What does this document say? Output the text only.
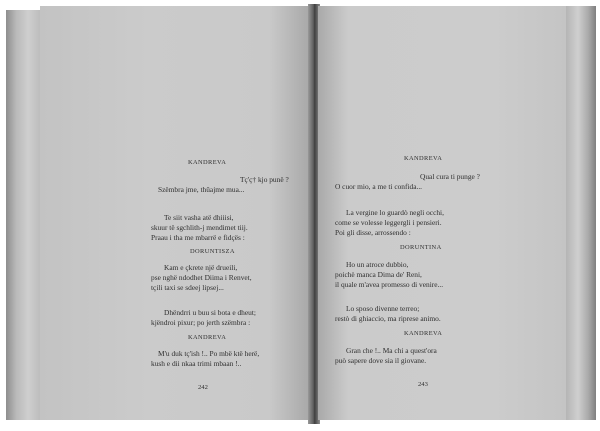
KANDREVA
Tç'ç† kjo punë ?
Szëmbra jme, thûajme mua...
Te siit vasha atë dhiiisi,
skuur të sgchlith-j mendimet tiij.
Praau i tha me mbarrë e fidçës :
DORUNTISZA
Kam e çkrete një drueili,
pse nghë ndodhet Diima i Renvet,
tçili taxi se sdeej lipsej...
Dhëndrri u buu si bota e dheut;
kjëndroi pixur; po jerth szëmbra :
KANDREVA
M'u duk tç'ish !.. Po mbë ktë herë,
kush e dii nkaa trimi mbaan !..
242
KANDREVA
Qual cura ti punge ?
O cuor mio, a me ti confida...
La vergine lo guardò negli occhi,
come se volesse leggergli i pensieri.
Poi gli disse, arrossendo :
DORUNTINA
Ho un atroce dubbio,
poichè manca Dima de' Reni,
il quale m'avea promesso di venire...
Lo sposo divenne terreo;
restò di ghiaccio, ma riprese animo.
KANDREVA
Gran che !.. Ma chi a quest'ora
può sapere dove sia il giovane.
243
